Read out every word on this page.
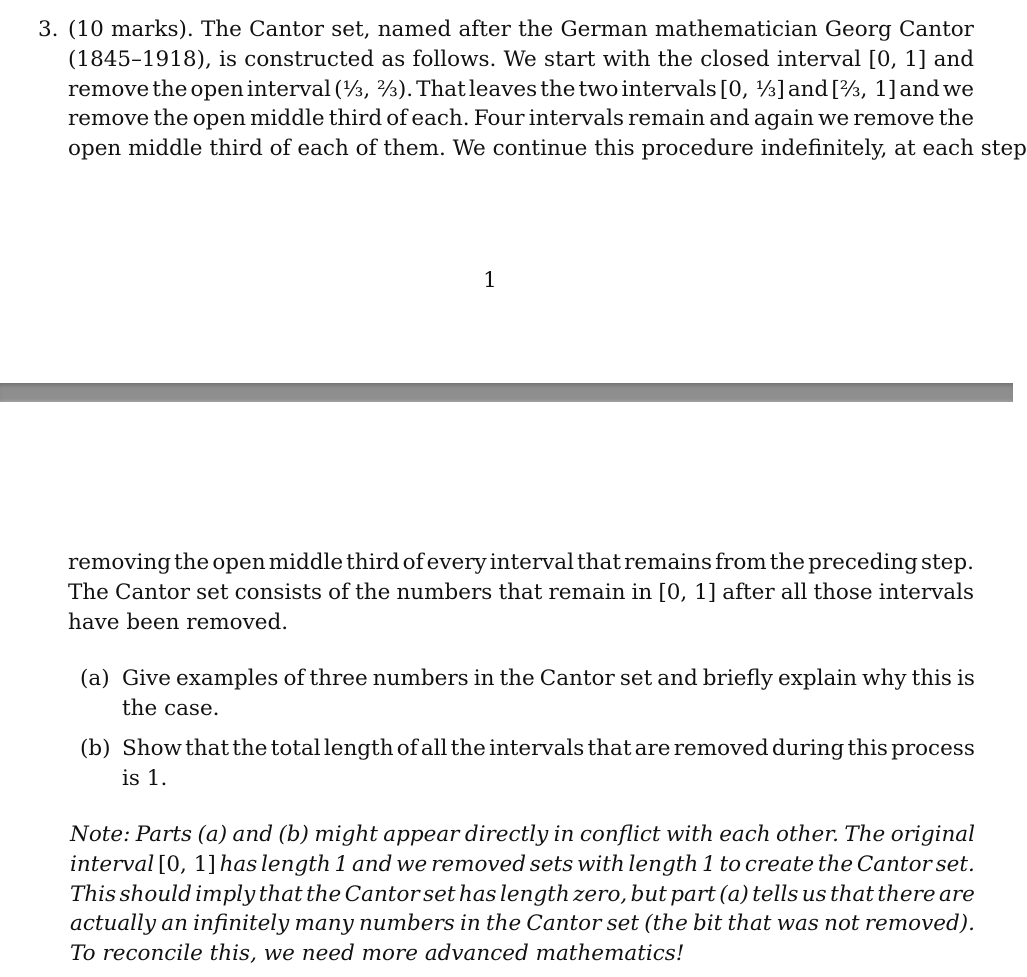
3. (10 marks). The Cantor set, named after the German mathematician Georg Cantor
(1845–1918), is constructed as follows. We start with the closed interval [0, 1] and
remove the open interval (⅓, ⅔). That leaves the two intervals [0, ⅓] and [⅔, 1] and we
remove the open middle third of each. Four intervals remain and again we remove the
open middle third of each of them. We continue this procedure indefinitely, at each step
1
removing the open middle third of every interval that remains from the preceding step.
The Cantor set consists of the numbers that remain in [0, 1] after all those intervals
have been removed.
(a) Give examples of three numbers in the Cantor set and briefly explain why this is
the case.
(b) Show that the total length of all the intervals that are removed during this process
is 1.
Note: Parts (a) and (b) might appear directly in conflict with each other. The original
interval [0, 1] has length 1 and we removed sets with length 1 to create the Cantor set.
This should imply that the Cantor set has length zero, but part (a) tells us that there are
actually an infinitely many numbers in the Cantor set (the bit that was not removed).
To reconcile this, we need more advanced mathematics!
